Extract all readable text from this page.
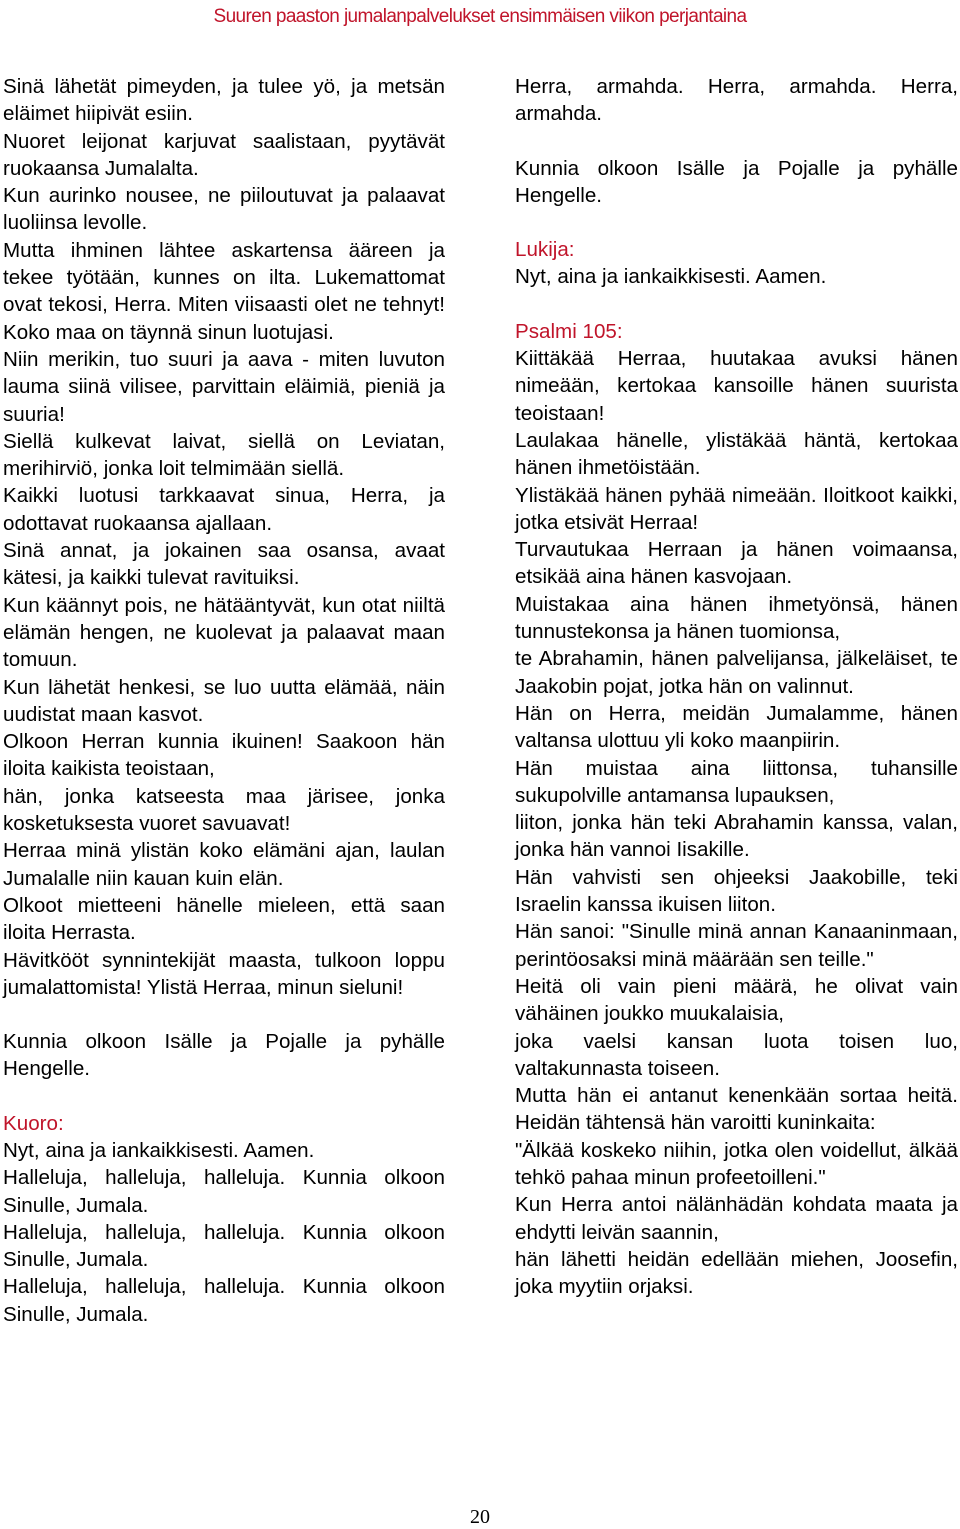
Suuren paaston jumalanpalvelukset ensimmäisen viikon perjantaina

Sinä lähetät pimeyden, ja tulee yö, ja metsän eläimet hiipivät esiin.

Nuoret leijonat karjuvat saalistaan, pyytävät ruokaansa Jumalalta.

Kun aurinko nousee, ne piiloutuvat ja palaavat luoliinsa levolle.

Mutta ihminen lähtee askartensa ääreen ja tekee työtään, kunnes on ilta. Lukemattomat ovat tekosi, Herra. Miten viisaasti olet ne tehnyt! Koko maa on täynnä sinun luotujasi.

Niin merikin, tuo suuri ja aava - miten luvuton lauma siinä vilisee, parvittain eläimiä, pieniä ja suuria!

Siellä kulkevat laivat, siellä on Leviatan, merihirviö, jonka loit telmimään siellä.

Kaikki luotusi tarkkaavat sinua, Herra, ja odottavat ruokaansa ajallaan.

Sinä annat, ja jokainen saa osansa, avaat kätesi, ja kaikki tulevat ravituiksi.

Kun käännyt pois, ne hätääntyvät, kun otat niiltä elämän hengen, ne kuolevat ja palaavat maan tomuun.

Kun lähetät henkesi, se luo uutta elämää, näin uudistat maan kasvot.

Olkoon Herran kunnia ikuinen! Saakoon hän iloita kaikista teoistaan,

hän, jonka katseesta maa järisee, jonka kosketuksesta vuoret savuavat!

Herraa minä ylistän koko elämäni ajan, laulan Jumalalle niin kauan kuin elän.

Olkoot mietteeni hänelle mieleen, että saan iloita Herrasta.

Hävitkööt synnintekijät maasta, tulkoon loppu jumalattomista! Ylistä Herraa, minun sieluni!

Kunnia olkoon Isälle ja Pojalle ja pyhälle Hengelle.

Kuoro:

Nyt, aina ja iankaikkisesti. Aamen.

Halleluja, halleluja, halleluja. Kunnia olkoon Sinulle, Jumala.

Halleluja, halleluja, halleluja. Kunnia olkoon Sinulle, Jumala.

Halleluja, halleluja, halleluja. Kunnia olkoon Sinulle, Jumala.

Herra, armahda. Herra, armahda. Herra, armahda.

Kunnia olkoon Isälle ja Pojalle ja pyhälle Hengelle.

Lukija:

Nyt, aina ja iankaikkisesti. Aamen.

Psalmi 105:

Kiittäkää Herraa, huutakaa avuksi hänen nimeään, kertokaa kansoille hänen suurista teoistaan!

Laulakaa hänelle, ylistäkää häntä, kertokaa hänen ihmetöistään.

Ylistäkää hänen pyhää nimeään. Iloitkoot kaikki, jotka etsivät Herraa!

Turvautukaa Herraan ja hänen voimaansa, etsikää aina hänen kasvojaan.

Muistakaa aina hänen ihmetyönsä, hänen tunnustekonsa ja hänen tuomionsa,

te Abrahamin, hänen palvelijansa, jälkeläiset, te Jaakobin pojat, jotka hän on valinnut.

Hän on Herra, meidän Jumalamme, hänen valtansa ulottuu yli koko maanpiirin.

Hän muistaa aina liittonsa, tuhansille sukupolville antamansa lupauksen,

liiton, jonka hän teki Abrahamin kanssa, valan, jonka hän vannoi Iisakille.

Hän vahvisti sen ohjeeksi Jaakobille, teki Israelin kanssa ikuisen liiton.

Hän sanoi: "Sinulle minä annan Kanaaninmaan, perintöosaksi minä määrään sen teille."

Heitä oli vain pieni määrä, he olivat vain vähäinen joukko muukalaisia,

joka vaelsi kansan luota toisen luo, valtakunnasta toiseen.

Mutta hän ei antanut kenenkään sortaa heitä. Heidän tähtensä hän varoitti kuninkaita:

"Älkää koskeko niihin, jotka olen voidellut, älkää tehkö pahaa minun profeetoilleni."

Kun Herra antoi nälänhädän kohdata maata ja ehdytti leivän saannin,

hän lähetti heidän edellään miehen, Joosefin, joka myytiin orjaksi.

20
